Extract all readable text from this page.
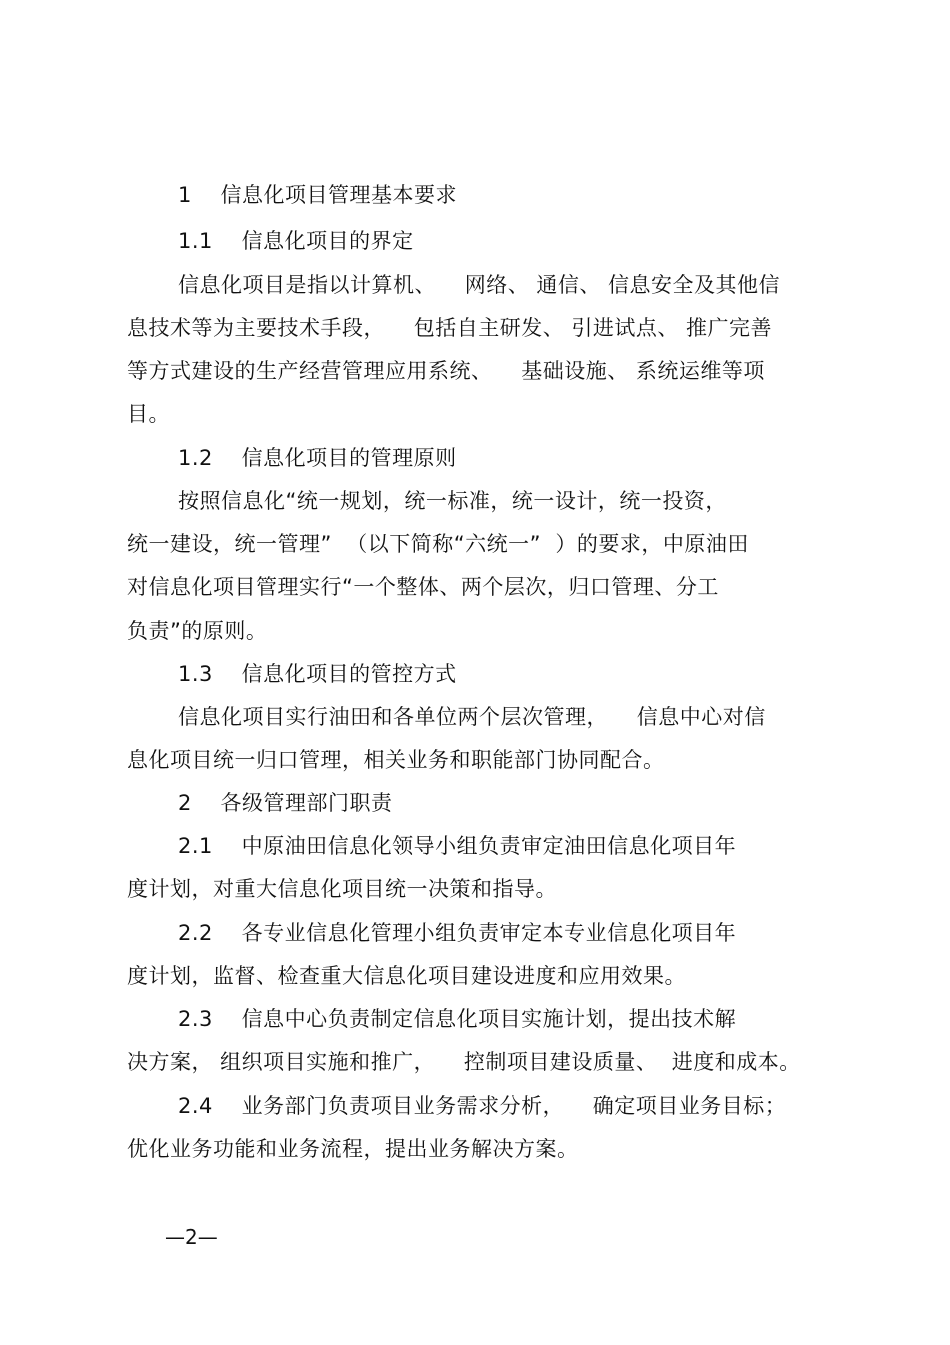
1    信息化项目管理基本要求
1.1    信息化项目的界定
信息化项目是指以计算机、    网络、 通信、 信息安全及其他信
息技术等为主要技术手段，    包括自主研发、 引进试点、 推广完善
等方式建设的生产经营管理应用系统、    基础设施、 系统运维等项
目。
1.2    信息化项目的管理原则
按照信息化“统一规划，统一标准，统一设计，统一投资，
统一建设，统一管理”  （以下简称“六统一”  ）的要求，中原油田
对信息化项目管理实行“一个整体、两个层次，归口管理、分工
负责”的原则。
1.3    信息化项目的管控方式
信息化项目实行油田和各单位两个层次管理，    信息中心对信
息化项目统一归口管理，相关业务和职能部门协同配合。
2    各级管理部门职责
2.1    中原油田信息化领导小组负责审定油田信息化项目年
度计划，对重大信息化项目统一决策和指导。
2.2    各专业信息化管理小组负责审定本专业信息化项目年
度计划，监督、检查重大信息化项目建设进度和应用效果。
2.3    信息中心负责制定信息化项目实施计划，提出技术解
决方案， 组织项目实施和推广，    控制项目建设质量、  进度和成本。
2.4    业务部门负责项目业务需求分析，    确定项目业务目标；
优化业务功能和业务流程，提出业务解决方案。
—2—
